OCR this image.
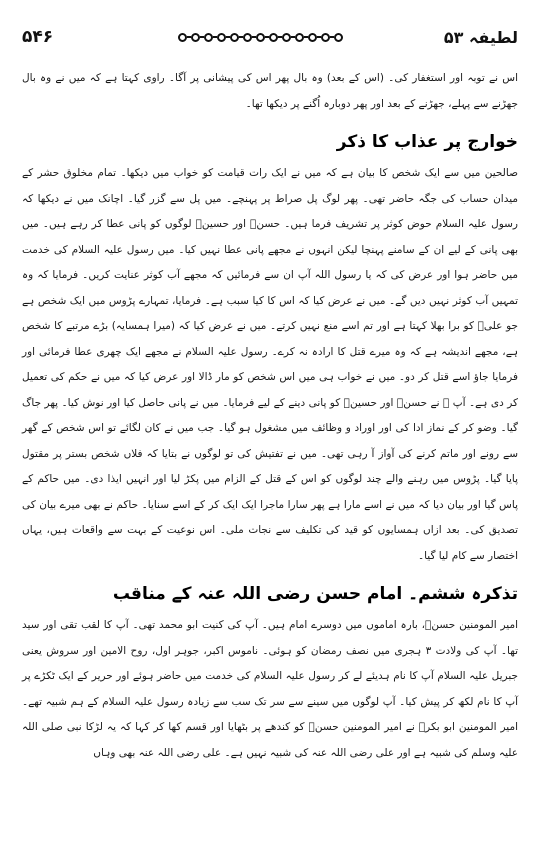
۵۴۶	لطیفہ ۵۳

اس نے توبہ اور استغفار کی۔ (اس کے بعد) وہ بال پھر اس کی پیشانی پر آگا۔ راوی کہتا ہے کہ میں نے وہ بال جھڑنے سے پہلے، جھڑنے کے بعد اور پھر دوبارہ اُگنے پر دیکھا تھا۔

خوارج پر عذاب کا ذکر

صالحین میں سے ایک شخص کا بیان ہے کہ میں نے ایک رات قیامت کو خواب میں دیکھا۔ تمام مخلوق حشر کے میدان حساب کی جگہ حاضر تھی۔ پھر لوگ پل صراط پر پہنچے۔ میں پل سے گزر گیا۔ اچانک میں نے دیکھا کہ رسول علیہ السلام حوض کوثر پر تشریف فرما ہیں۔ حسنؓ اور حسینؓ لوگوں کو پانی عطا کر رہے ہیں۔ میں بھی پانی کے لیے ان کے سامنے پہنچا لیکن انہوں نے مجھے پانی عطا نہیں کیا۔ میں رسول علیہ السلام کی خدمت میں حاضر ہوا اور عرض کی کہ یا رسول اللہ آپ ان سے فرمائیں کہ مجھے آب کوثر عنایت کریں۔ فرمایا کہ وہ تمہیں آب کوثر نہیں دیں گے۔ میں نے عرض کیا کہ اس کا کیا سبب ہے۔ فرمایا، تمہارے پڑوس میں ایک شخص ہے جو علیؓ کو برا بھلا کہتا ہے اور تم اسے منع نہیں کرتے۔ میں نے عرض کیا کہ (میرا ہمسایہ) بڑے مرتبے کا شخص ہے، مجھے اندیشہ ہے کہ وہ میرے قتل کا ارادہ نہ کرے۔ رسول علیہ السلام نے مجھے ایک چھری عطا فرمائی اور فرمایا جاؤ اسے قتل کر دو۔ میں نے خواب ہی میں اس شخص کو مار ڈالا اور عرض کیا کہ میں نے حکم کی تعمیل کر دی ہے۔ آپ ﷺ نے حسنؓ اور حسینؓ کو پانی دینے کے لیے فرمایا۔ میں نے پانی حاصل کیا اور نوش کیا۔ پھر جاگ گیا۔ وضو کر کے نماز ادا کی اور اوراد و وظائف میں مشغول ہو گیا۔ جب میں نے کان لگائے تو اس شخص کے گھر سے رونے اور ماتم کرنے کی آواز آ رہی تھی۔ میں نے تفتیش کی تو لوگوں نے بتایا کہ فلاں شخص بستر پر مقتول پایا گیا۔ پڑوس میں رہنے والے چند لوگوں کو اس کے قتل کے الزام میں پکڑ لیا اور انہیں ایذا دی۔ میں حاکم کے پاس گیا اور بیان دیا کہ میں نے اسے مارا ہے پھر سارا ماجرا ایک ایک کر کے اسے سنایا۔ حاکم نے بھی میرے بیان کی تصدیق کی۔ بعد ازاں ہمسایوں کو قید کی تکلیف سے نجات ملی۔ اس نوعیت کے بہت سے واقعات ہیں، یہاں اختصار سے کام لیا گیا۔

تذکرہ ششم۔ امام حسن رضی اللہ عنہ کے مناقب

امیر المومنین حسنؓ، بارہ اماموں میں دوسرے امام ہیں۔ آپ کی کنیت ابو محمد تھی۔ آپ کا لقب تقی اور سید تھا۔ آپ کی ولادت ۳ ہجری میں نصف رمضان کو ہوئی۔ ناموس اکبر، جوہر اول، روح الامین اور سروش یعنی جبریل علیہ السلام آپ کا نام ہدیئے لے کر رسول علیہ السلام کی خدمت میں حاضر ہوئے اور حریر کے ایک ٹکڑے پر آپ کا نام لکھ کر پیش کیا۔ آپ لوگوں میں سینے سے سر تک سب سے زیادہ رسول علیہ السلام کے ہم شبیہ تھے۔ امیر المومنین ابو بکرؓ نے امیر المومنین حسنؓ کو کندھے پر بٹھایا اور قسم کھا کر کہا کہ یہ لڑکا نبی صلی اللہ علیہ وسلم کی شبیہ ہے اور علی رضی اللہ عنہ کی شبیہ نہیں ہے۔ علی رضی اللہ عنہ بھی وہاں
